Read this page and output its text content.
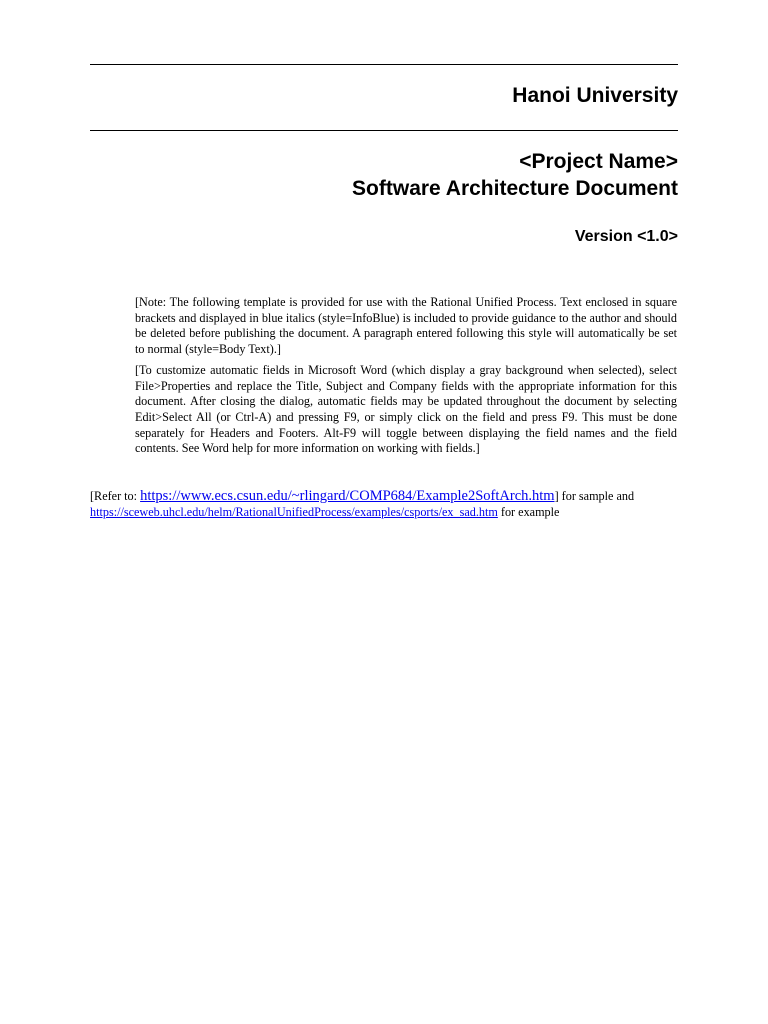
Hanoi University
<Project Name>
Software Architecture Document
Version <1.0>

[Note: The following template is provided for use with the Rational Unified Process. Text enclosed in square brackets and displayed in blue italics (style=InfoBlue) is included to provide guidance to the author and should be deleted before publishing the document. A paragraph entered following this style will automatically be set to normal (style=Body Text).]

[To customize automatic fields in Microsoft Word (which display a gray background when selected), select File>Properties and replace the Title, Subject and Company fields with the appropriate information for this document. After closing the dialog, automatic fields may be updated throughout the document by selecting Edit>Select All (or Ctrl-A) and pressing F9, or simply click on the field and press F9. This must be done separately for Headers and Footers. Alt-F9 will toggle between displaying the field names and the field contents. See Word help for more information on working with fields.]

[Refer to: https://www.ecs.csun.edu/~rlingard/COMP684/Example2SoftArch.htm] for sample and
https://sceweb.uhcl.edu/helm/RationalUnifiedProcess/examples/csports/ex_sad.htm for example
